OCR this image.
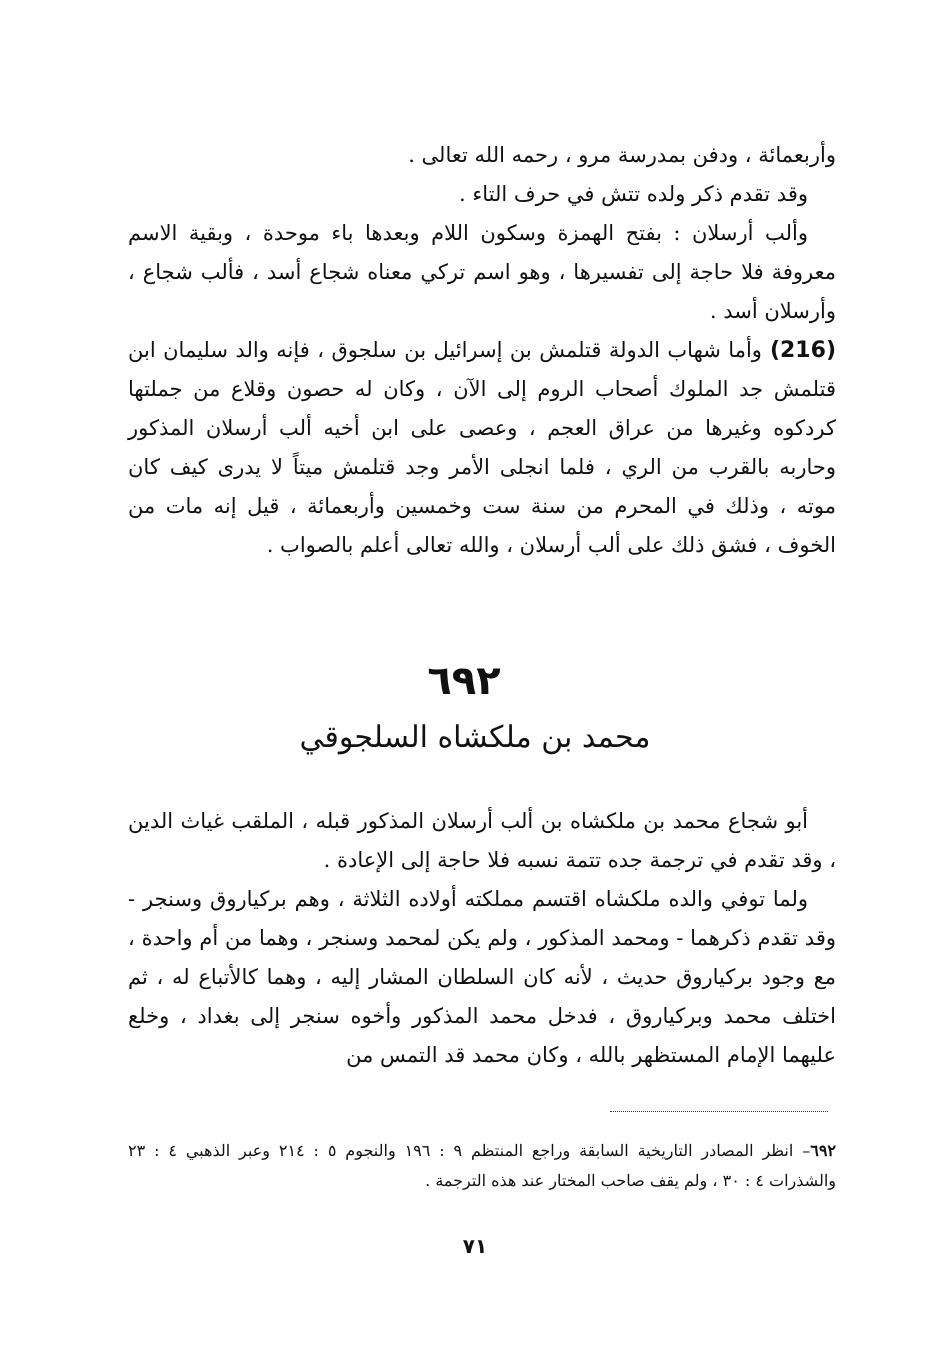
وأربعمائة ، ودفن بمدرسة مرو ، رحمه الله تعالى .

وقد تقدم ذكر ولده تتش في حرف التاء .

وألب أرسلان : بفتح الهمزة وسكون اللام وبعدها باء موحدة ، وبقية الاسم معروفة فلا حاجة إلى تفسيرها ، وهو اسم تركي معناه شجاع أسد ، فألب شجاع ، وأرسلان أسد .

(216)وأما شهاب الدولة قتلمش بن إسرائيل بن سلجوق ، فإنه والد سليمان ابن قتلمش جد الملوك أصحاب الروم إلى الآن ، وكان له حصون وقلاع من جملتها كردكوه وغيرها من عراق العجم ، وعصى على ابن أخيه ألب أرسلان المذكور وحاربه بالقرب من الري ، فلما انجلى الأمر وجد قتلمش ميتاً لا يدرى كيف كان موته ، وذلك في المحرم من سنة ست وخمسين وأربعمائة ، قيل إنه مات من الخوف ، فشق ذلك على ألب أرسلان ، والله تعالى أعلم بالصواب .

٦٩٢
محمد بن ملكشاه السلجوقي

أبو شجاع محمد بن ملكشاه بن ألب أرسلان المذكور قبله ، الملقب غياث الدين ، وقد تقدم في ترجمة جده تتمة نسبه فلا حاجة إلى الإعادة .

ولما توفي والده ملكشاه اقتسم مملكته أولاده الثلاثة ، وهم بركياروق وسنجر - وقد تقدم ذكرهما - ومحمد المذكور ، ولم يكن لمحمد وسنجر ، وهما من أم واحدة ، مع وجود بركياروق حديث ، لأنه كان السلطان المشار إليه ، وهما كالأتباع له ، ثم اختلف محمد وبركياروق ، فدخل محمد المذكور وأخوه سنجر إلى بغداد ، وخلع عليهما الإمام المستظهر بالله ، وكان محمد قد التمس من

٦٩٢– انظر المصادر التاريخية السابقة وراجع المنتظم ٩ : ١٩٦ والنجوم ٥ : ٢١٤ وعبر الذهبي ٤ : ٢٣ والشذرات ٤ : ٣٠ ، ولم يقف صاحب المختار عند هذه الترجمة .
٧١
